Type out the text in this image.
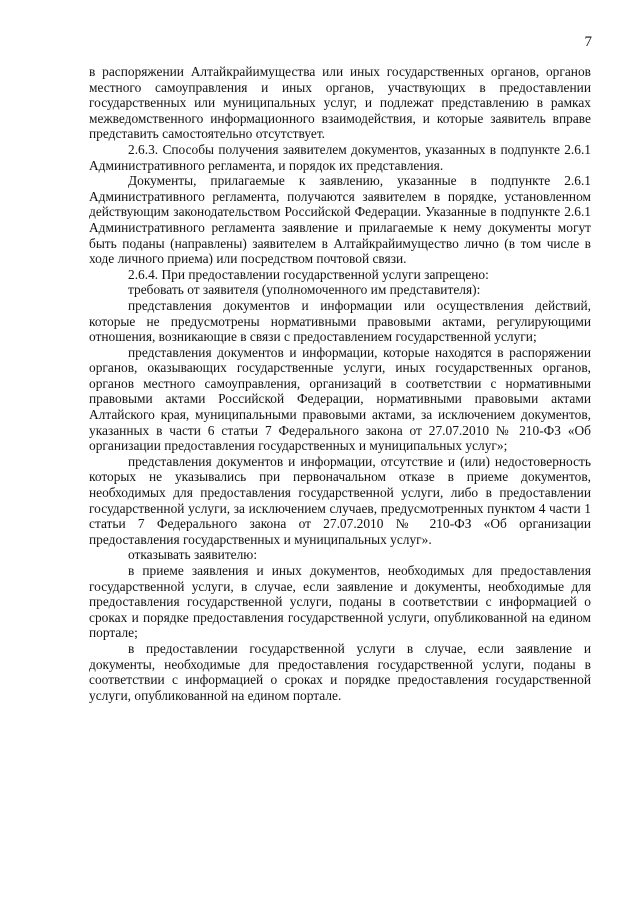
7

в распоряжении Алтайкрайимущества или иных государственных органов, органов местного самоуправления и иных органов, участвующих в предоставлении государственных или муниципальных услуг, и подлежат представлению в рамках межведомственного информационного взаимодействия, и которые заявитель вправе представить самостоятельно отсутствует.

2.6.3. Способы получения заявителем документов, указанных в подпункте 2.6.1 Административного регламента, и порядок их представления.

Документы, прилагаемые к заявлению, указанные в подпункте 2.6.1 Административного регламента, получаются заявителем в порядке, установленном действующим законодательством Российской Федерации. Указанные в подпункте 2.6.1 Административного регламента заявление и прилагаемые к нему документы могут быть поданы (направлены) заявителем в Алтайкрайимущество лично (в том числе в ходе личного приема) или посредством почтовой связи.

2.6.4. При предоставлении государственной услуги запрещено:

требовать от заявителя (уполномоченного им представителя):

представления документов и информации или осуществления действий, которые не предусмотрены нормативными правовыми актами, регулирующими отношения, возникающие в связи с предоставлением государственной услуги;

представления документов и информации, которые находятся в распоряжении органов, оказывающих государственные услуги, иных государственных органов, органов местного самоуправления, организаций в соответствии с нормативными правовыми актами Российской Федерации, нормативными правовыми актами Алтайского края, муниципальными правовыми актами, за исключением документов, указанных в части 6 статьи 7 Федерального закона от 27.07.2010 № 210-ФЗ «Об организации предоставления государственных и муниципальных услуг»;

представления документов и информации, отсутствие и (или) недостоверность которых не указывались при первоначальном отказе в приеме документов, необходимых для предоставления государственной услуги, либо в предоставлении государственной услуги, за исключением случаев, предусмотренных пунктом 4 части 1 статьи 7 Федерального закона от 27.07.2010 № 210-ФЗ «Об организации предоставления государственных и муниципальных услуг».

отказывать заявителю:

в приеме заявления и иных документов, необходимых для предоставления государственной услуги, в случае, если заявление и документы, необходимые для предоставления государственной услуги, поданы в соответствии с информацией о сроках и порядке предоставления государственной услуги, опубликованной на едином портале;

в предоставлении государственной услуги в случае, если заявление и документы, необходимые для предоставления государственной услуги, поданы в соответствии с информацией о сроках и порядке предоставления государственной услуги, опубликованной на едином портале.
